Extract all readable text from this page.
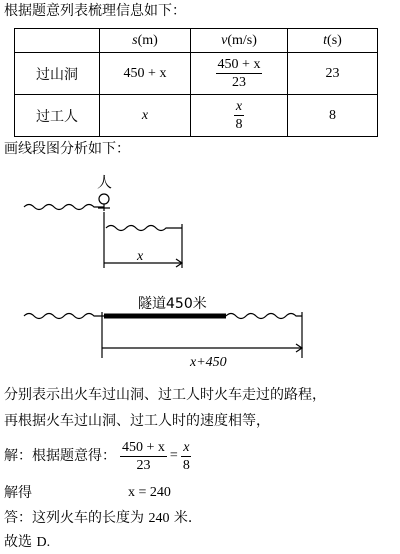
根据题意列表梳理信息如下：
	s(m)	v(m/s)	t(s)
过山洞	450 + x	$\frac{450 + x}{23}$	23
过工人	x	$\frac{x}{8}$	8
画线段图分析如下：
人
x
隧道450米
x+450
分别表示出火车过山洞、过工人时火车走过的路程，
再根据火车过山洞、过工人时的速度相等，
解：根据题意得： $\frac{450 + x}{23} = \frac{x}{8}$
解得	x = 240
答：这列火车的长度为 240 米.
故选 D.
